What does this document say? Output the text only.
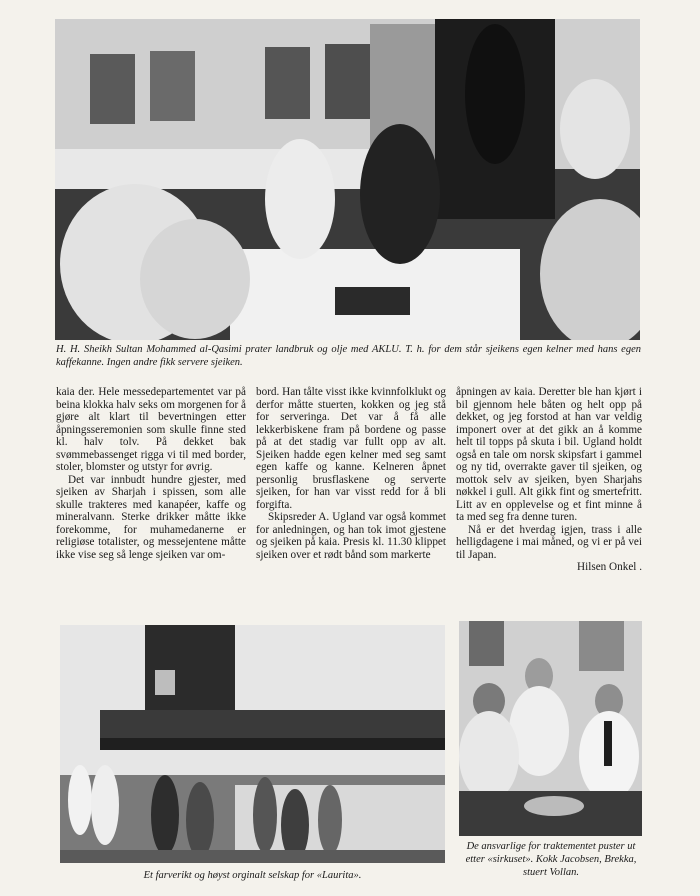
H. H. Sheikh Sultan Mohammed al-Qasimi prater landbruk og olje med AKLU. T. h. for dem står sjeikens egen kelner med hans egen kaffekanne. Ingen andre fikk servere sjeiken.

kaia der. Hele messedepartementet var på beina klokka halv seks om morgenen for å gjøre alt klart til bevertningen etter åpningsseremonien som skulle finne sted kl. halv tolv. På dekket bak svømmebassenget rigga vi til med border, stoler, blomster og utstyr for øvrig.

Det var innbudt hundre gjester, med sjeiken av Sharjah i spissen, som alle skulle trakteres med kanapéer, kaffe og mineralvann. Sterke drikker måtte ikke forekomme, for muhamedanerne er religiøse totalister, og messejentene måtte ikke vise seg så lenge sjeiken var om-

bord. Han tålte visst ikke kvinnfolklukt og derfor måtte stuerten, kokken og jeg stå for serveringa. Det var å få alle lekkerbiskene fram på bordene og passe på at det stadig var fullt opp av alt. Sjeiken hadde egen kelner med seg samt egen kaffe og kanne. Kelneren åpnet personlig brusflaskene og serverte sjeiken, for han var visst redd for å bli forgifta.

Skipsreder A. Ugland var også kommet for anledningen, og han tok imot gjestene og sjeiken på kaia. Presis kl. 11.30 klippet sjeiken over et rødt bånd som markerte

åpningen av kaia. Deretter ble han kjørt i bil gjennom hele båten og helt opp på dekket, og jeg forstod at han var veldig imponert over at det gikk an å komme helt til topps på skuta i bil. Ugland holdt også en tale om norsk skipsfart i gammel og ny tid, overrakte gaver til sjeiken, og mottok selv av sjeiken, byen Sharjahs nøkkel i gull. Alt gikk fint og smertefritt. Litt av en opplevelse og et fint minne å ta med seg fra denne turen.

Nå er det hverdag igjen, trass i alle helligdagene i mai måned, og vi er på vei til Japan.

Hilsen Onkel .

Et farverikt og høyst orginalt selskap for «Laurita».
De ansvarlige for traktementet puster ut etter «sirkuset». Kokk Jacobsen, Brekka, stuert Vollan.
